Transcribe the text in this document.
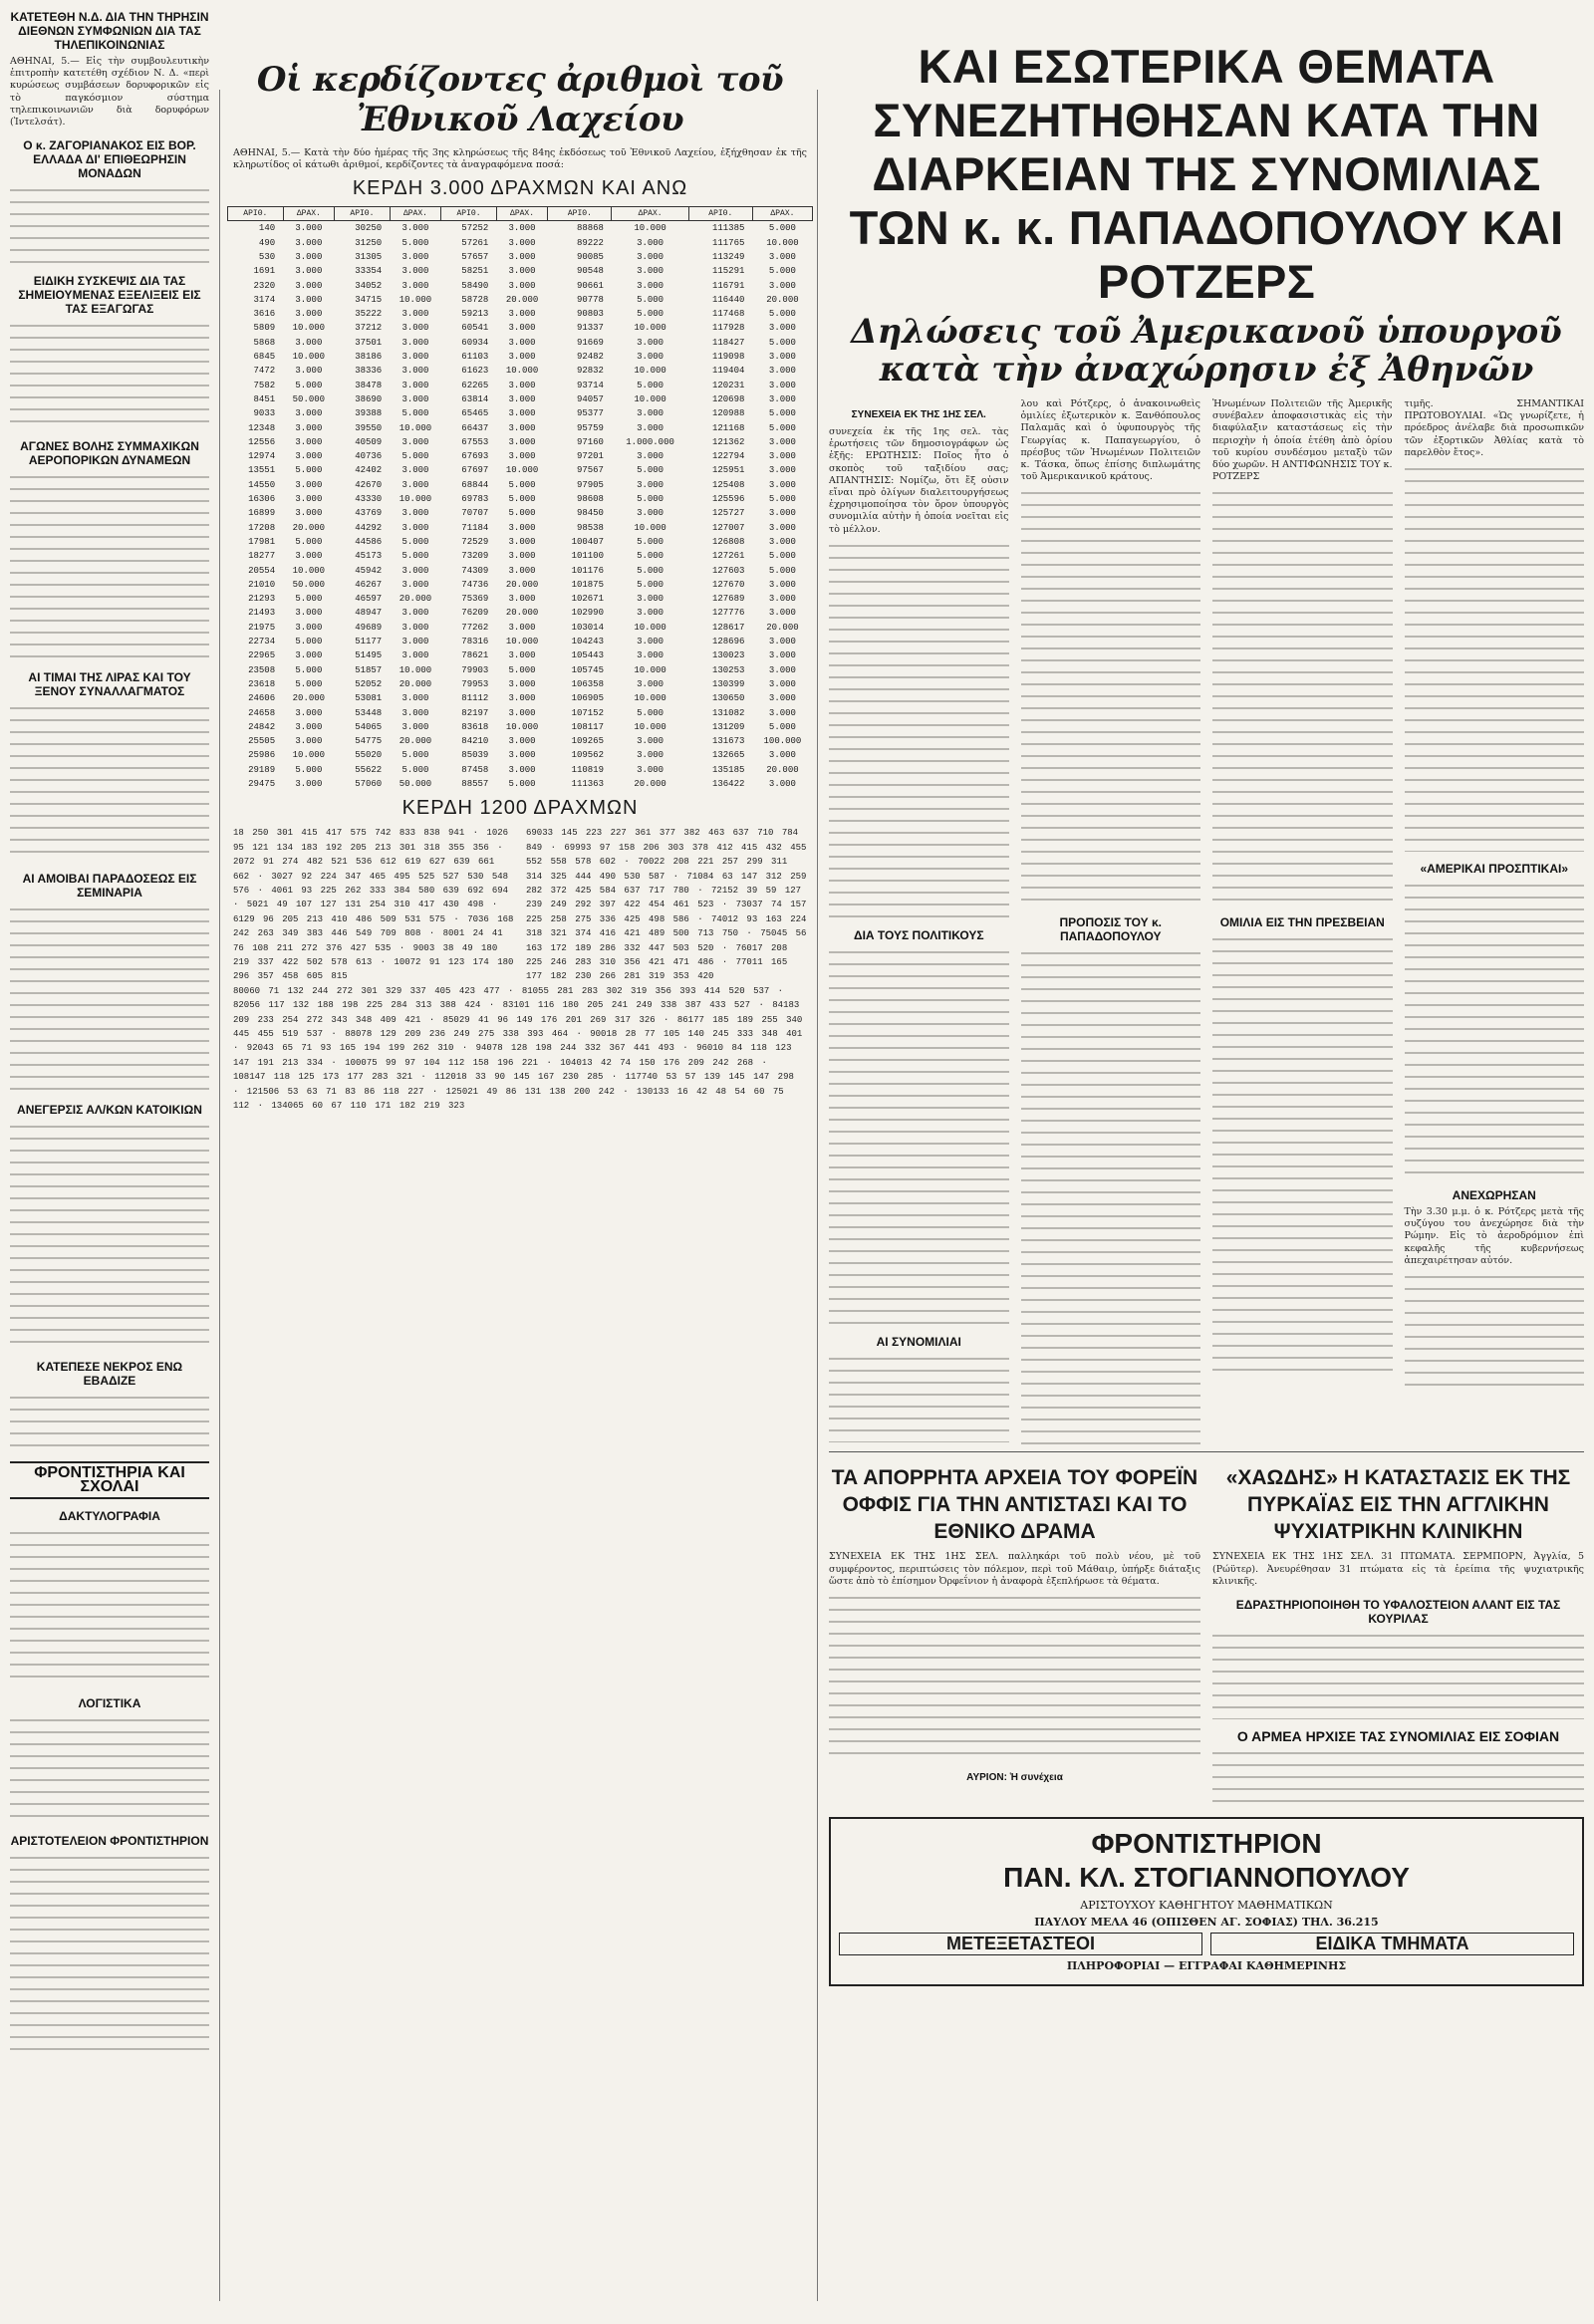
ΚΑΤΕΤΕΘΗ Ν.Δ. ΔΙΑ ΤΗΝ ΤΗΡΗΣΙΝ ΔΙΕΘΝΩΝ ΣΥΜΦΩΝΙΩΝ ΔΙΑ ΤΑΣ ΤΗΛΕΠΙΚΟΙΝΩΝΙΑΣ

ΑΘΗΝΑΙ, 5.— Εἰς τὴν συμβουλευτικὴν ἐπιτροπὴν κατετέθη σχέδιον Ν. Δ. «περὶ κυρώσεως συμβάσεων δορυφορικῶν εἰς τὸ παγκόσμιον σύστημα τηλεπικοινωνιῶν διὰ δορυφόρων (Ἰντελσάτ).

Ο κ. ΖΑΓΟΡΙΑΝΑΚΟΣ ΕΙΣ ΒΟΡ. ΕΛΛΑΔΑ ΔΙ' ΕΠΙΘΕΩΡΗΣΙΝ ΜΟΝΑΔΩΝ
ΕΙΔΙΚΗ ΣΥΣΚΕΨΙΣ ΔΙΑ ΤΑΣ ΣΗΜΕΙΟΥΜΕΝΑΣ ΕΞΕΛΙΞΕΙΣ ΕΙΣ ΤΑΣ ΕΞΑΓΩΓΑΣ
ΑΓΩΝΕΣ ΒΟΛΗΣ ΣΥΜΜΑΧΙΚΩΝ ΑΕΡΟΠΟΡΙΚΩΝ ΔΥΝΑΜΕΩΝ
ΑΙ ΤΙΜΑΙ ΤΗΣ ΛΙΡΑΣ ΚΑΙ ΤΟΥ ΞΕΝΟΥ ΣΥΝΑΛΛΑΓΜΑΤΟΣ
ΑΙ ΑΜΟΙΒΑΙ ΠΑΡΑΔΟΣΕΩΣ ΕΙΣ ΣΕΜΙΝΑΡΙΑ
ΑΝΕΓΕΡΣΙΣ ΑΛ/ΚΩΝ ΚΑΤΟΙΚΙΩΝ
ΚΑΤΕΠΕΣΕ ΝΕΚΡΟΣ ΕΝΩ ΕΒΑΔΙΖΕ
ΦΡΟΝΤΙΣΤΗΡΙΑ ΚΑΙ ΣΧΟΛΑΙ
ΔΑΚΤΥΛΟΓΡΑΦΙΑ
ΛΟΓΙΣΤΙΚΑ
ΑΡΙΣΤΟΤΕΛΕΙΟΝ ΦΡΟΝΤΙΣΤΗΡΙΟΝ
Οἱ κερδίζοντες ἀριθμοὶ τοῦ Ἐθνικοῦ Λαχείου

ΑΘΗΝΑΙ, 5.— Κατὰ τὴν δύο ἡμέρας τῆς 3ης κληρώσεως τῆς 84ης ἐκδόσεως τοῦ Ἐθνικοῦ Λαχείου, ἐξήχθησαν ἐκ τῆς κληρωτίδος οἱ κάτωθι ἀριθμοί, κερδίζοντες τὰ ἀναγραφόμενα ποσά:

ΚΕΡΔΗ 3.000 ΔΡΑΧΜΩΝ ΚΑΙ ΑΝΩ
ΑΡΙΘ.	ΔΡΑΧ.	ΑΡΙΘ.	ΔΡΑΧ.	ΑΡΙΘ.	ΔΡΑΧ.	ΑΡΙΘ.	ΔΡΑΧ.	ΑΡΙΘ.	ΔΡΑΧ.
140	3.000	30250	3.000	57252	3.000	88868	10.000	111385	5.000
490	3.000	31250	5.000	57261	3.000	89222	3.000	111765	10.000
530	3.000	31305	3.000	57657	3.000	90085	3.000	113249	3.000
1691	3.000	33354	3.000	58251	3.000	90548	3.000	115291	5.000
2320	3.000	34052	3.000	58490	3.000	90661	3.000	116791	3.000
3174	3.000	34715	10.000	58728	20.000	90778	5.000	116440	20.000
3616	3.000	35222	3.000	59213	3.000	90803	5.000	117468	5.000
5809	10.000	37212	3.000	60541	3.000	91337	10.000	117928	3.000
5868	3.000	37501	3.000	60934	3.000	91669	3.000	118427	5.000
6845	10.000	38186	3.000	61103	3.000	92482	3.000	119098	3.000
7472	3.000	38336	3.000	61623	10.000	92832	10.000	119404	3.000
7582	5.000	38478	3.000	62265	3.000	93714	5.000	120231	3.000
8451	50.000	38690	3.000	63814	3.000	94057	10.000	120698	3.000
9033	3.000	39388	5.000	65465	3.000	95377	3.000	120988	5.000
12348	3.000	39550	10.000	66437	3.000	95759	3.000	121168	5.000
12556	3.000	40509	3.000	67553	3.000	97160	1.000.000	121362	3.000
12974	3.000	40736	5.000	67693	3.000	97201	3.000	122794	3.000
13551	5.000	42402	3.000	67697	10.000	97567	5.000	125951	3.000
14550	3.000	42670	3.000	68844	5.000	97905	3.000	125408	3.000
16306	3.000	43330	10.000	69783	5.000	98608	5.000	125596	5.000
16899	3.000	43769	3.000	70707	5.000	98450	3.000	125727	3.000
17208	20.000	44292	3.000	71184	3.000	98538	10.000	127007	3.000
17981	5.000	44586	5.000	72529	3.000	100407	5.000	126808	3.000
18277	3.000	45173	5.000	73209	3.000	101100	5.000	127261	5.000
20554	10.000	45942	3.000	74309	3.000	101176	5.000	127603	5.000
21010	50.000	46267	3.000	74736	20.000	101875	5.000	127670	3.000
21293	5.000	46597	20.000	75369	3.000	102671	3.000	127689	3.000
21493	3.000	48947	3.000	76209	20.000	102990	3.000	127776	3.000
21975	3.000	49689	3.000	77262	3.000	103014	10.000	128617	20.000
22734	5.000	51177	3.000	78316	10.000	104243	3.000	128696	3.000
22965	3.000	51495	3.000	78621	3.000	105443	3.000	130023	3.000
23508	5.000	51857	10.000	79903	5.000	105745	10.000	130253	3.000
23618	5.000	52052	20.000	79953	3.000	106358	3.000	130399	3.000
24606	20.000	53081	3.000	81112	3.000	106905	10.000	130650	3.000
24658	3.000	53448	3.000	82197	3.000	107152	5.000	131082	3.000
24842	3.000	54065	3.000	83618	10.000	108117	10.000	131209	5.000
25505	3.000	54775	20.000	84210	3.000	109265	3.000	131673	100.000
25986	10.000	55020	5.000	85039	3.000	109562	3.000	132665	3.000
29189	5.000	55622	5.000	87458	3.000	110819	3.000	135185	20.000
29475	3.000	57060	50.000	88557	5.000	111363	20.000	136422	3.000
ΚΕΡΔΗ 1200 ΔΡΑΧΜΩΝ
18 250 301 415 417 575 742 833 838 941 · 1026 95 121 134 183 192 205 213 301 318 355 356 · 2072 91 274 482 521 536 612 619 627 639 661 662 · 3027 92 224 347 465 495 525 527 530 548 576 · 4061 93 225 262 333 384 580 639 692 694 · 5021 49 107 127 131 254 310 417 430 498 · 6129 96 205 213 410 486 509 531 575 · 7036 168 242 263 349 383 446 549 709 808 · 8001 24 41 76 108 211 272 376 427 535 · 9003 38 49 180 219 337 422 502 578 613 · 10072 91 123 174 180 296 357 458 605 815
69033 145 223 227 361 377 382 463 637 710 784 849 · 69993 97 158 206 303 378 412 415 432 455 552 558 578 602 · 70022 208 221 257 299 311 314 325 444 490 530 587 · 71084 63 147 312 259 282 372 425 584 637 717 780 · 72152 39 59 127 239 249 292 397 422 454 461 523 · 73037 74 157 225 258 275 336 425 498 586 · 74012 93 163 224 318 321 374 416 421 489 500 713 750 · 75045 56 163 172 189 286 332 447 503 520 · 76017 208 225 246 283 310 356 421 471 486 · 77011 165 177 182 230 266 281 319 353 420
80060 71 132 244 272 301 329 337 405 423 477 · 81055 281 283 302 319 356 393 414 520 537 · 82056 117 132 188 198 225 284 313 388 424 · 83101 116 180 205 241 249 338 387 433 527 · 84183 209 233 254 272 343 348 409 421 · 85029 41 96 149 176 201 269 317 326 · 86177 185 189 255 340 445 455 519 537 · 88078 129 209 236 249 275 338 393 464 · 90018 28 77 105 140 245 333 348 401 · 92043 65 71 93 165 194 199 262 310 · 94078 128 198 244 332 367 441 493 · 96010 84 118 123 147 191 213 334 · 100075 99 97 104 112 158 196 221 · 104013 42 74 150 176 209 242 268 · 108147 118 125 173 177 283 321 · 112018 33 90 145 167 230 285 · 117740 53 57 139 145 147 298 · 121506 53 63 71 83 86 118 227 · 125021 49 86 131 138 200 242 · 130133 16 42 48 54 60 75 112 · 134065 60 67 110 171 182 219 323
ΚΑΙ ΕΣΩΤΕΡΙΚΑ ΘΕΜΑΤΑ ΣΥΝΕΖΗΤΗΘΗΣΑΝ ΚΑΤΑ ΤΗΝ ΔΙΑΡΚΕΙΑΝ ΤΗΣ ΣΥΝΟΜΙΛΙΑΣ ΤΩΝ κ. κ. ΠΑΠΑΔΟΠΟΥΛΟΥ ΚΑΙ ΡΟΤΖΕΡΣ
Δηλώσεις τοῦ Ἀμερικανοῦ ὑπουργοῦ κατὰ τὴν ἀναχώρησιν ἐξ Ἀθηνῶν
ΣΥΝΕΧΕΙΑ ΕΚ ΤΗΣ 1ΗΣ ΣΕΛ.

συνεχεία ἐκ τῆς 1ης σελ. τὰς ἐρωτήσεις τῶν δημοσιογράφων ὡς ἑξῆς: ΕΡΩΤΗΣΙΣ: Ποῖος ἦτο ὁ σκοπὸς τοῦ ταξιδίου σας; ΑΠΑΝΤΗΣΙΣ: Νομίζω, ὅτι ἔξ οὐσιν εἴναι πρὸ ὀλίγων διαλειτουργήσεως ἐχρησιμοποίησα τὸν ὅρον ὑπουργὸς συνομιλία αὐτὴν ἡ ὁποία νοεῖται εἰς τὸ μέλλον.

ΔΙΑ ΤΟΥΣ ΠΟΛΙΤΙΚΟΥΣ
ΑΙ ΣΥΝΟΜΙΛΙΑΙ

λου καὶ Ρότζερς, ὁ ἀνακοινωθεὶς ὁμιλίες ἐξωτερικὸν κ. Ξανθόπουλος Παλαμᾶς καὶ ὁ ὑφυπουργὸς τῆς Γεωργίας κ. Παπαγεωργίου, ὁ πρέσβυς τῶν Ἡνωμένων Πολιτειῶν κ. Τάσκα, ὅπως ἐπίσης διπλωμάτης τοῦ Ἀμερικανικοῦ κράτους.

ΠΡΟΠΟΣΙΣ ΤΟΥ κ. ΠΑΠΑΔΟΠΟΥΛΟΥ

Ἡνωμένων Πολιτειῶν τῆς Ἀμερικῆς συνέβαλεν ἀποφασιστικὰς εἰς τὴν διαφύλαξιν καταστάσεως εἰς τὴν περιοχὴν ἡ ὁποία ἐτέθη ἀπὸ ὁρίου τοῦ κυρίου συνδέσμου μεταξὺ τῶν δύο χωρῶν. Η ΑΝΤΙΦΩΝΗΣΙΣ ΤΟΥ κ. ΡΟΤΖΕΡΣ

ΟΜΙΛΙΑ ΕΙΣ ΤΗΝ ΠΡΕΣΒΕΙΑΝ

τιμῆς. ΣΗΜΑΝΤΙΚΑΙ ΠΡΩΤΟΒΟΥΛΙΑΙ. «Ὡς γνωρίζετε, ἡ πρόεδρος ἀνέλαβε διὰ προσωπικῶν τῶν ἐξορτικῶν Ἀθλίας κατὰ τὸ παρελθὸν ἔτος».

«ΑΜΕΡΙΚΑΙ ΠΡΟΣΠΤΙΚΑΙ»
ΑΝΕΧΩΡΗΣΑΝ

Τὴν 3.30 μ.μ. ὁ κ. Ρότζερς μετὰ τῆς συζύγου του ἀνεχώρησε διὰ τὴν Ρώμην. Εἰς τὸ ἀεροδρόμιον ἐπὶ κεφαλῆς τῆς κυβερνήσεως ἀπεχαιρέτησαν αὐτόν.

ΤΑ ΑΠΟΡΡΗΤΑ ΑΡΧΕΙΑ ΤΟΥ ΦΟΡΕΪΝ ΟΦΦΙΣ ΓΙΑ ΤΗΝ ΑΝΤΙΣΤΑΣΙ ΚΑΙ ΤΟ ΕΘΝΙΚΟ ΔΡΑΜΑ

ΣΥΝΕΧΕΙΑ ΕΚ ΤΗΣ 1ΗΣ ΣΕΛ. παλληκάρι τοῦ πολὺ νέου, μὲ τοῦ συμφέροντος, περιπτώσεις τὸν πόλεμον, περὶ τοῦ Μάθαιρ, ὑπήρξε διάταξις ὥστε ἀπὸ τὸ ἐπίσημον Ὀρφεΐνιον ἡ ἀναφορὰ ἐξεπλήρωσε τὰ θέματα.

ΑΥΡΙΟΝ: Ἡ συνέχεια
«ΧΑΩΔΗΣ» Η ΚΑΤΑΣΤΑΣΙΣ ΕΚ ΤΗΣ ΠΥΡΚΑΪΑΣ ΕΙΣ ΤΗΝ ΑΓΓΛΙΚΗΝ ΨΥΧΙΑΤΡΙΚΗΝ ΚΛΙΝΙΚΗΝ

ΣΥΝΕΧΕΙΑ ΕΚ ΤΗΣ 1ΗΣ ΣΕΛ. 31 ΠΤΩΜΑΤΑ. ΣΕΡΜΠΟΡΝ, Ἀγγλία, 5 (Ρώϋτερ). Ἀνευρέθησαν 31 πτώματα εἰς τὰ ἐρείπια τῆς ψυχιατρικῆς κλινικῆς.

ΕΔΡΑΣΤΗΡΙΟΠΟΙΗΘΗ ΤΟ ΥΦΑΛΟΣΤΕΙΟΝ ΑΛΑΝΤ ΕΙΣ ΤΑΣ ΚΟΥΡΙΛΑΣ
Ο ΑΡΜΕΑ ΗΡΧΙΣΕ ΤΑΣ ΣΥΝΟΜΙΛΙΑΣ ΕΙΣ ΣΟΦΙΑΝ
ΦΡΟΝΤΙΣΤΗΡΙΟΝ
ΠΑΝ. ΚΛ. ΣΤΟΓΙΑΝΝΟΠΟΥΛΟΥ
ΑΡΙΣΤΟΥΧΟΥ ΚΑΘΗΓΗΤΟΥ ΜΑΘΗΜΑΤΙΚΩΝ
ΠΑΥΛΟΥ ΜΕΛΑ 46 (ΟΠΙΣΘΕΝ ΑΓ. ΣΟΦΙΑΣ) ΤΗΛ. 36.215
ΜΕΤΕΞΕΤΑΣΤΕΟΙ	ΕΙΔΙΚΑ ΤΜΗΜΑΤΑ
ΠΛΗΡΟΦΟΡΙΑΙ — ΕΓΓΡΑΦΑΙ ΚΑΘΗΜΕΡΙΝΗΣ
